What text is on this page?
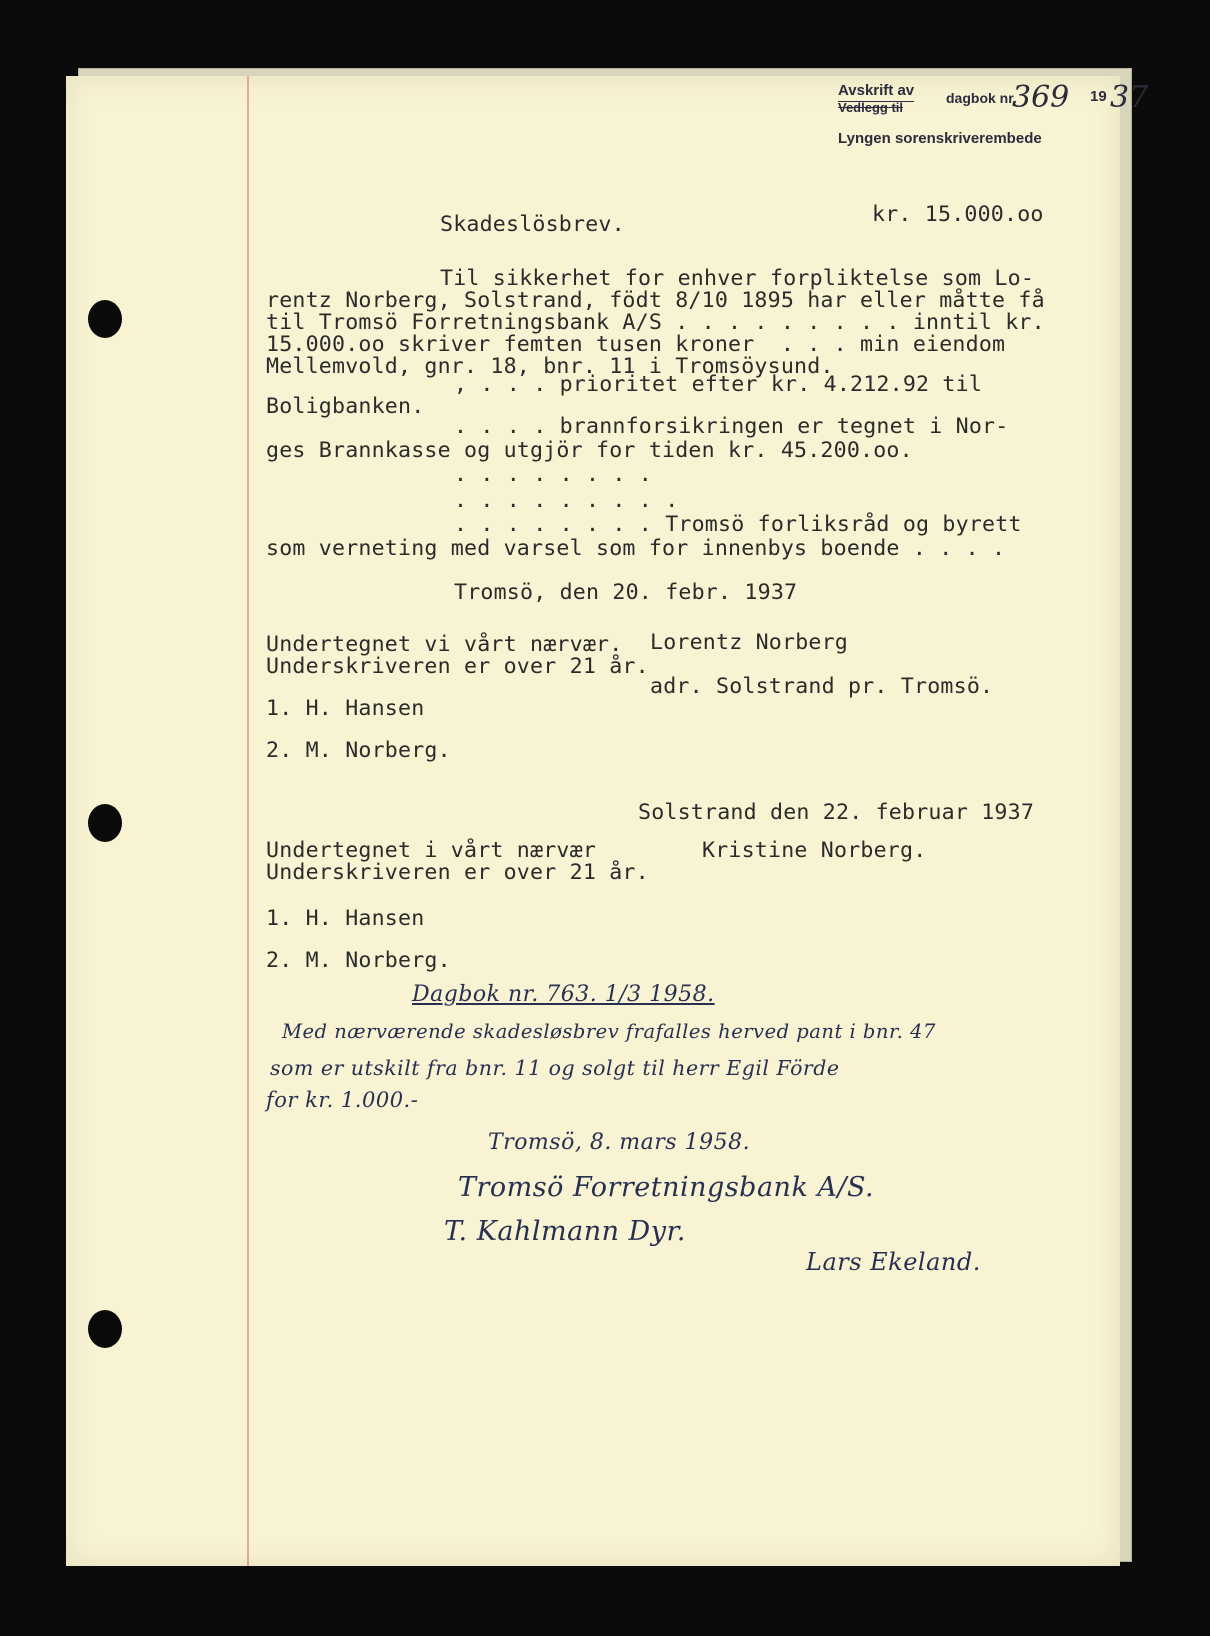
Avskrift av
Vedlegg til
dagbok nr.
369 19 37
Lyngen sorenskriverembede
kr. 15.000.oo
Skadeslösbrev.
Til sikkerhet for enhver forpliktelse som Lo-
rentz Norberg, Solstrand, födt 8/10 1895 har eller måtte få
til Tromsö Forretningsbank A/S . . . . . . . . . inntil kr.
15.000.oo skriver femten tusen kroner  . . . min eiendom
Mellemvold, gnr. 18, bnr. 11 i Tromsöysund.
, . . . prioritet efter kr. 4.212.92 til
Boligbanken.
. . . . brannforsikringen er tegnet i Nor-
ges Brannkasse og utgjör for tiden kr. 45.200.oo.
. . . . . . . .
. . . . . . . . .
. . . . . . . . Tromsö forliksråd og byrett
som verneting med varsel som for innenbys boende . . . .
Tromsö, den 20. febr. 1937
Undertegnet vi vårt nærvær.
Underskriveren er over 21 år.
Lorentz Norberg
adr. Solstrand pr. Tromsö.
1. H. Hansen
2. M. Norberg.
Solstrand den 22. februar 1937
Undertegnet i vårt nærvær
Underskriveren er over 21 år.
Kristine Norberg.
1. H. Hansen
2. M. Norberg.
Dagbok nr. 763. 1/3 1958.
Med nærværende skadesløsbrev frafalles herved pant i bnr. 47
som er utskilt fra bnr. 11 og solgt til herr Egil Förde
for kr. 1.000.-
Tromsö, 8. mars 1958.
Tromsö Forretningsbank A/S.
T. Kahlmann Dyr.
Lars Ekeland.
